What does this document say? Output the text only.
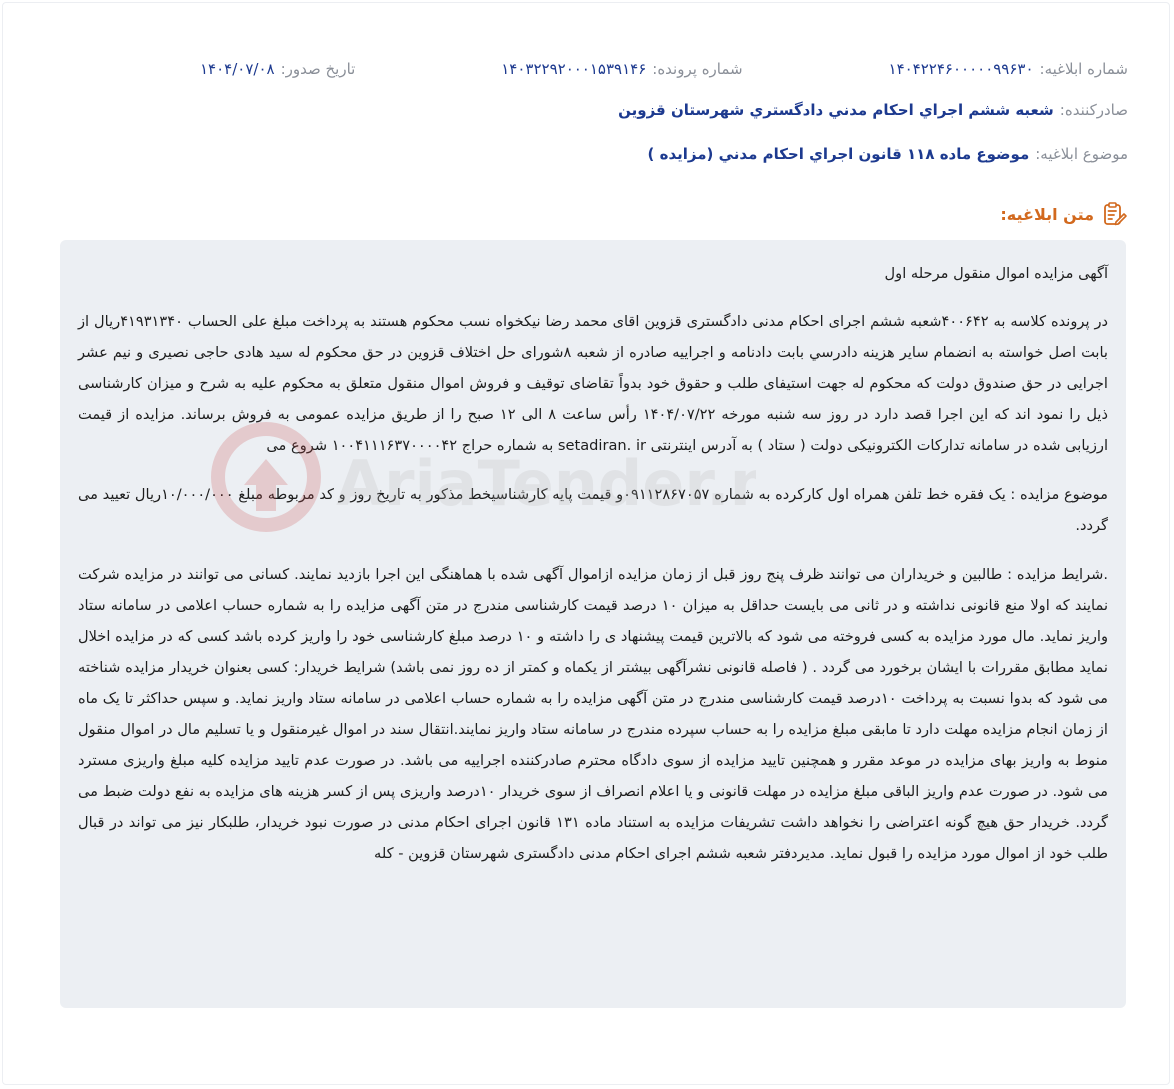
شماره ابلاغیه:
۱۴۰۴۲۲۴۶۰۰۰۰۰۹۹۶۳۰
شماره پرونده:
۱۴۰۳۲۲۹۲۰۰۰۱۵۳۹۱۴۶
تاریخ صدور:
۱۴۰۴/۰۷/۰۸
صادرکننده:
شعبه ششم اجراي احكام مدني دادگستري شهرستان قزوين
موضوع ابلاغیه:
موضوع ماده ۱۱۸ قانون اجراي احكام مدني (مزايده )
متن ابلاغیه:

آگهی مزایده اموال منقول مرحله اول

در پرونده کلاسه به ۴۰۰۶۴۲شعبه ششم اجرای احکام مدنی دادگستری قزوین اقای محمد رضا نیکخواه نسب محکوم هستند به پرداخت مبلغ علی الحساب ۴۱۹۳۱۳۴۰ریال از بابت اصل خواسته به انضمام ساير هزينه دادرسي بابت دادنامه و اجراییه صادره از شعبه ۸شورای حل اختلاف قزوین در حق محکوم له سید هادی حاجی نصیری و نیم عشر اجرایی در حق صندوق دولت که محکوم له جهت استیفای طلب و حقوق خود بدواً تقاضای توقیف و فروش اموال منقول متعلق به محکوم علیه به شرح و میزان کارشناسی ذیل را نمود اند که این اجرا قصد دارد در روز سه شنبه مورخه ۱۴۰۴/۰۷/۲۲ رأس ساعت ۸ الی ۱۲ صبح را از طریق مزایده عمومی به فروش برساند. مزایده از قیمت ارزیابی شده در سامانه تدارکات الکترونیکی دولت ( ستاد ) به آدرس اینترنتی setadiran. ir به شماره حراج ۱۰۰۴۱۱۱۶۳۷۰۰۰۰۴۲ شروع می

موضوع مزایده : یک فقره خط تلفن همراه اول کارکرده به شماره ۰۹۱۱۲۸۶۷۰۵۷و قیمت پایه کارشناسیخط مذکور به تاریخ روز و کد مربوطه مبلغ ۱۰/۰۰۰/۰۰۰ریال تعیید می گردد.

.شرایط مزایده : طالبین و خریداران می توانند ظرف پنج روز قبل از زمان مزایده ازاموال آگهی شده با هماهنگی این اجرا بازدید نمایند. کسانی می توانند در مزایده شرکت نمایند که اولا منع قانونی نداشته و در ثانی می بایست حداقل به میزان ۱۰ درصد قیمت کارشناسی مندرج در متن آگهی مزایده را به شماره حساب اعلامی در سامانه ستاد واریز نماید. مال مورد مزایده به کسی فروخته می شود که بالاترین قیمت پیشنهاد ی را داشته و ۱۰ درصد مبلغ کارشناسی خود را واریز کرده باشد کسی که در مزایده اخلال نماید مطابق مقررات با ایشان برخورد می گردد . ( فاصله قانونی نشرآگهی بیشتر از یکماه و کمتر از ده روز نمی باشد) شرایط خریدار: کسی بعنوان خریدار مزایده شناخته می شود که بدوا نسبت به پرداخت ۱۰درصد قیمت کارشناسی مندرج در متن آگهی مزایده را به شماره حساب اعلامی در سامانه ستاد واریز نماید. و سپس حداکثر تا یک ماه از زمان انجام مزایده مهلت دارد تا مابقی مبلغ مزایده را به حساب سپرده مندرج در سامانه ستاد واریز نمایند.انتقال سند در اموال غیرمنقول و یا تسلیم مال در اموال منقول منوط به واریز بهای مزایده در موعد مقرر و همچنین تایید مزایده از سوی دادگاه محترم صادرکننده اجراییه می باشد. در صورت عدم تایید مزایده کلیه مبلغ واریزی مسترد می شود. در صورت عدم واریز الباقی مبلغ مزایده در مهلت قانونی و یا اعلام انصراف از سوی خریدار ۱۰درصد واریزی پس از کسر هزینه های مزایده به نفع دولت ضبط می گردد. خریدار حق هیچ گونه اعتراضی را نخواهد داشت تشریفات مزایده به استناد ماده ۱۳۱ قانون اجرای احکام مدنی در صورت نبود خریدار، طلبکار نیز می تواند در قبال طلب خود از اموال مورد مزایده را قبول نماید. مدیردفتر شعبه ششم اجرای احکام مدنی دادگستری شهرستان قزوین - کله

AriaTender.n
